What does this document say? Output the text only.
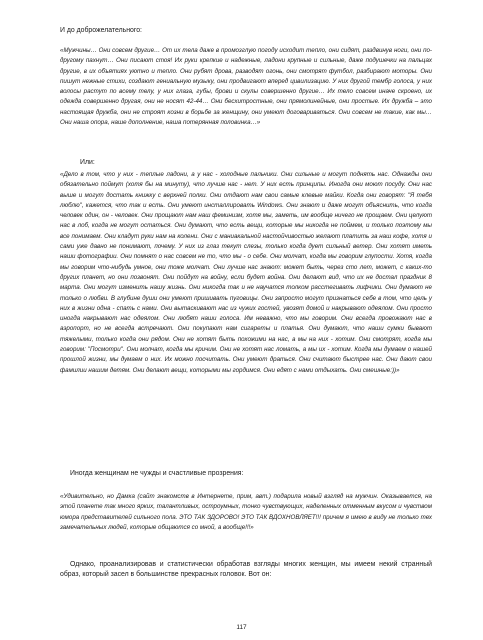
И до доброжелательного:

«Мужчины… Они совсем другие… От их тела даже в промозглую погоду исходит тепло, они сидят, раздвинув ноги, они по-другому пахнут… Они писают стоя! Их руки крепкие и надежные, ладони крупные и сильные, даже подушечки на пальцах другие, в их объятиях уютно и тепло. Они рубят дрова, разводят огонь, они смотрят футбол, разбирают моторы. Они пишут нежные стихи, создают гениальную музыку, они продвигают вперед цивилизацию. У них другой тембр голоса, у них волосы растут по всему телу, у них глаза, губы, брови и скулы совершенно другие… Их тело совсем иначе скроено, их одежда совершенно другая, они не носят 42-44… Они бесхитростные, они прямолинейные, они простые. Их дружба – это настоящая дружба, они не строят козни в борьбе за женщину, они умеют договариваться. Они совсем не такие, как мы… Они наша опора, наше дополнение, наша потерянная половинка…»

Или:

«Дело в том, что у них - теплые ладони, а у нас - холодные пальчики. Они сильные и могут поднять нас. Однажды они обязательно поймут (хотя бы на минуту), что лучше нас - нет. У них есть принципы. Иногда они моют посуду. Они нас выше и могут достать книжку с верхней полки. Они отдают нам свои самые клевые майки. Когда они говорят: "Я тебя люблю", кажется, что так и есть. Они умеют инсталлировать Windows. Они знают и даже могут объяснить, что когда человек один, он - человек. Они прощают нам наш феминизм, хотя мы, заметь, им вообще ничего не прощаем. Они целуют нас в лоб, когда не могут остаться. Они думают, что есть вещи, которые мы никогда не поймем, и только поэтому мы все понимаем. Они кладут руки нам на колени. Они с маниакальной настойчивостью желают платить за наш кофе, хотя и сами уже давно не понимают, почему. У них из глаз текут слезы, только когда дует сильный ветер. Они хотят иметь наши фотографии. Они помнят о нас совсем не то, что мы - о себе. Они молчат, когда мы говорим глупости. Хотя, когда мы говорим что-нибудь умное, они тоже молчат. Они лучше нас знают: может быть, через сто лет, может, с каких-то других планет, но они позвонят. Они пойдут на войну, если будет война. Они делают вид, что их не достал праздник 8 марта. Они могут изменить нашу жизнь. Они никогда так и не научатся толком расстегивать лифчики. Они думают не только о любви. В глубине души они умеют пришивать пуговицы. Они запросто могут признаться себе в том, что цель у них в жизни одна - спать с нами. Они вытаскивают нас из чужих гостей, увозят домой и накрывают одеялом. Они просто иногда накрывают нас одеялом. Они любят наши голоса. Им неважно, что мы говорим. Они всегда провожают нас в аэропорт, но не всегда встречают. Они покупают нам сигареты и платья. Они думают, что наши сумки бывают тяжелыми, только когда они рядом. Они не хотят быть похожими на нас, а мы на них - хотим. Они смотрят, когда мы говорим: "Посмотри". Они молчат, когда мы кричим. Они не хотят нас ломать, а мы их - хотим. Когда мы думаем о нашей прошлой жизни, мы думаем о них. Их можно посчитать. Они умеют драться. Они считают быстрее нас. Они дают свои фамилии нашим детям. Они делают вещи, которыми мы гордимся. Они едят с нами отдыхать. Они смешные:))»

Иногда женщинам не чужды и счастливые прозрения:

«Удивительно, но Дамка (сайт знакомств в Интернете, прим, авт.) подарила новый взгляд на мужчин. Оказывается, на этой планете так много ярких, талантливых, остроумных, тонко чувствующих, наделенных отменным вкусом и чувством юмора представителей сильного пола. ЭТО ТАК ЗДОРОВО! ЭТО ТАК ВДОХНОВЛЯЕТ!!! причем я имею в виду не только тех замечательных людей, которые общаются со мной, а вообще!!!»

Однако, проанализировав и статистически обработав взгляды многих женщин, мы имеем некий странный образ, который засел в большинстве прекрасных головок. Вот он:

117
